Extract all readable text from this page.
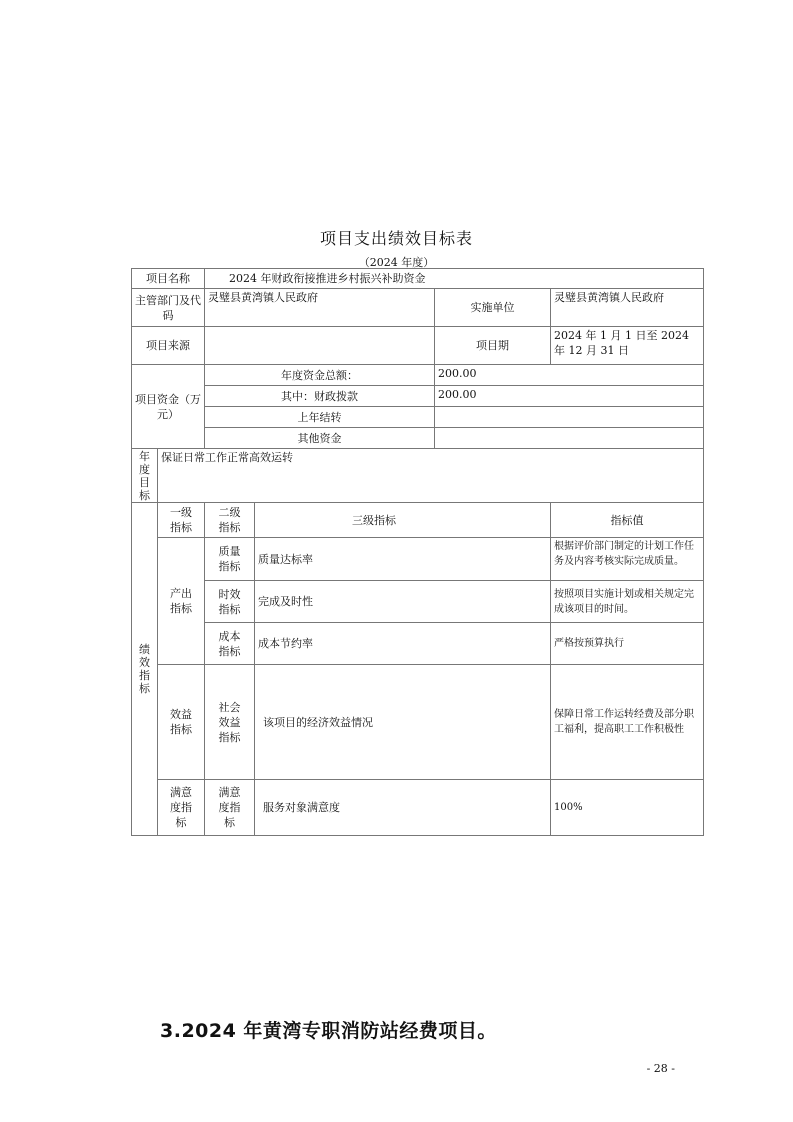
项目支出绩效目标表
（2024 年度）
项目名称		2024 年财政衔接推进乡村振兴补助资金			
主管部门及代码		灵璧县黄湾镇人民政府		实施单位	灵璧县黄湾镇人民政府
项目来源				项目期	2024 年 1 月 1 日至 2024 年 12 月 31 日
项目资金（万元）		年度资金总额：		200.00	
		其中：财政拨款		200.00	
		上年结转			
		其他资金			
年度目标	保证日常工作正常高效运转				
绩效指标	一级指标	二级指标	三级指标		指标值
	产出指标	质量指标	质量达标率		根据评价部门制定的计划工作任务及内容考核实际完成质量。
		时效指标	完成及时性		按照项目实施计划或相关规定完成该项目的时间。
		成本指标	成本节约率		严格按预算执行
	效益指标	社会效益指标	该项目的经济效益情况		保障日常工作运转经费及部分职工福利，提高职工工作积极性
	满意度指标	满意度指标	服务对象满意度		100%
3.2024 年黄湾专职消防站经费项目。
- 28 -
